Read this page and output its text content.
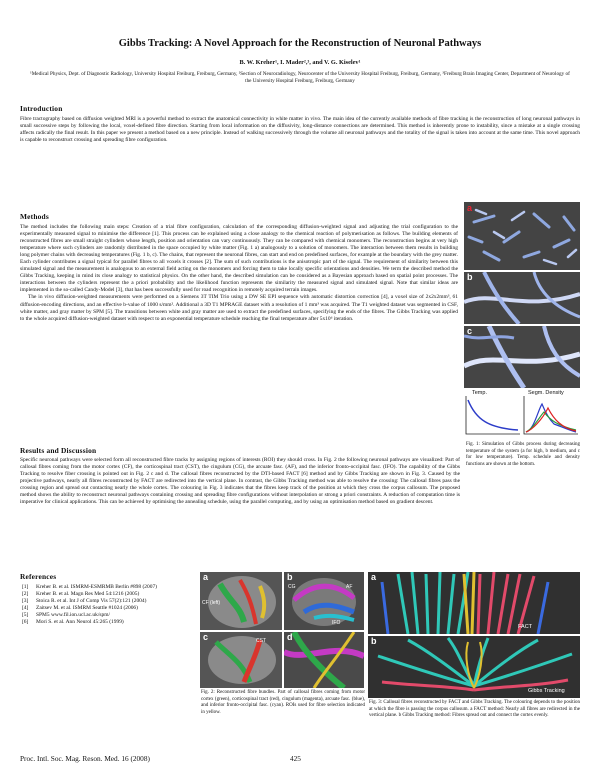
Gibbs Tracking: A Novel Approach for the Reconstruction of Neuronal Pathways
B. W. Kreher¹, I. Mader²,³, and V. G. Kiselev¹
¹Medical Physics, Dept. of Diagnostic Radiology, University Hospital Freiburg, Freiburg, Germany, ²Section of Neuroradiology, Neurocenter of the University Hospital Freiburg, Freiburg, Germany, ³Freiburg Brain Imaging Center, Department of Neurology of the University Hospital Freiburg, Freiburg, Germany
Introduction
Fibre tractography based on diffusion weighted MRI is a powerful method to extract the anatomical connectivity in white matter in vivo. The main idea of the currently available methods of fibre tracking is the reconstruction of long neuronal pathways in small successive steps by following the local, voxel-defined fibre direction. Starting from local information on the diffusivity, long-distance connections are determined. This method is inherently prone to instability, since a mistake at a single crossing affects radically the final result. In this paper we present a method based on a new principle. Instead of walking successively through the volume all neuronal pathways and the totality of the signal is taken into account at the same time. This novel approach is capable to reconstruct crossing and spreading fibre configuration.
Methods

The method includes the following main steps: Creation of a trial fibre configuration, calculation of the corresponding diffusion-weighted signal and adjusting the trial configuration to the experimentally measured signal to minimise the difference [1]. This process can be explained using a close analogy to the chemical reaction of polymerisation as follows. The building elements of reconstructed fibres are small straight cylinders whose length, position and orientation can vary continuously. They can be compared with chemical monomers. The reconstruction begins at very high temperature where such cylinders are randomly distributed in the space occupied by white matter (Fig. 1 a) analogously to a solution of monomers. The interaction between them results in building long polymer chains with decreasing temperatures (Fig. 1 b, c). The chains, that represent the neuronal fibres, can start and end on predefined surfaces, for example at the boundary with the grey matter. Each cylinder contributes a signal typical for parallel fibres to all voxels it crosses [2]. The sum of such contributions is the anisotropic part of the signal. The requirement of similarity between this simulated signal and the measurement is analogous to an external field acting on the monomers and forcing them to take locally specific orientations and densities. We term the described method the Gibbs Tracking, keeping in mind its close analogy to statistical physics. On the other hand, the described simulation can be considered as a Bayesian approach based on spatial point processes. The interactions between the cylinders represent the a priori probability and the likelihood function represents the similarity the measured signal and simulated signal. Note that similar ideas are implemented in the so-called Candy-Model [3], that has been successfully used for road recognition in remotely acquired terrain images.

The in vivo diffusion-weighted measurements were performed on a Siemens 3T TIM Trio using a DW SE EPI sequence with automatic distortion correction [4], a voxel size of 2x2x2mm³, 61 diffusion-encoding directions, and an effective b-value of 1000 s/mm². Additional a 3D T1 MPRAGE dataset with a resolution of 1 mm³ was acquired. The T1 weighted dataset was segmented in CSF, white matter, and gray matter by SPM [5]. The transitions between white and gray matter are used to extract the predefined surfaces, specifying the ends of the fibres. The Gibbs Tracking was applied to the whole acquired diffusion-weighted dataset with respect to an exponential temperature schedule reaching the final temperature after 5x10⁶ iteration.

a
b
c
Temp.	Segm. Density
Fig. 1: Simulation of Gibbs process during decreasing temperature of the system (a for high, b medium, and c for low temperature). Temp. schedule and density functions are shown at the bottom.
Results and Discussion
Specific neuronal pathways were selected form all reconstructed fibre tracks by assigning regions of interests (ROI) they should cross. In Fig. 2 the following neuronal pathways are visualized: Part of callosal fibres coming from the motor cortex (CF), the corticospinal tract (CST), the cingulum (CG), the arcuate fasc. (AF), and the inferior fronto-occipital fasc. (IFO). The capability of the Gibbs Tracking to resolve fiber crossing is pointed out in Fig. 2 c and d. The callosal fibres reconstructed by the DTI-based FACT [6] method and by Gibbs Tracking are shown in Fig. 3. Caused by the projective pathways, nearly all fibres reconstructed by FACT are redirected into the vertical plane. In contrast, the Gibbs Tracking method was able to resolve the crossing: The callosal fibres pass the crossing region and spread out contacting nearly the whole cortex. The colouring in Fig. 3 indicates that the fibres keep track of the position at which they cross the corpus callosum. The proposed method shows the ability to reconstruct neuronal pathways containing crossing and spreading fibre configurations without interpolation or strong a priori constraints. A reduction of computation time is imperative for clinical applications. This can be achieved by optimising the annealing schedule, using the parallel computing, and by using an optimisation method based on gradient descent.
References
[1]	Kreher B. et al. ISMRM-ESMRMB Berlin #898 (2007)
[2]	Kreher B. et al. Magn Res Med 54:1216 (2005)
[3]	Stoica R. et al. Int J of Comp Vis 57(2):121 (2004)
[4]	Zaitsev M. et al. ISMRM Seattle #1024 (2006)
[5]	SPM5 www.fil.ion.ucl.ac.uk/spm/
[6]	Mori S. et al. Ann Neurol 45:265 (1999)
a
CF (left)
b
CG	AF
IFO
c	CST d
Fig. 2: Reconstructed fibre bundles. Part of callosal fibres coming from motor cortex (green), corticospinal tract (red), cingulum (magenta), arcuate fasc. (blue), and inferior fronto-occipital fasc. (cyan). ROIs used for fibre selection indicated in yellow.
a
FACT
b
Gibbs Tracking
Fig. 3: Callosal fibres reconstructed by FACT and Gibbs Tracking. The colouring depends to the position at which the fibre is passing the corpus callosum. a FACT method: Nearly all fibres are redirected in the vertical plane. b Gibbs Tracking method: Fibres spread out and connect the cortex evenly.
Proc. Intl. Soc. Mag. Reson. Med. 16 (2008)	425
